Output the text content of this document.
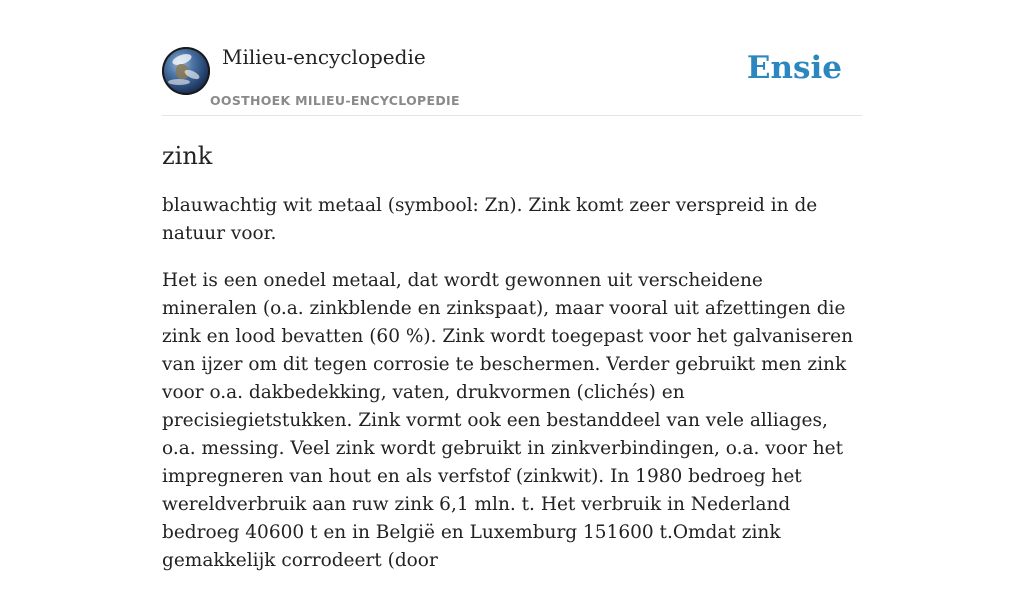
Milieu-encyclopedie
OOSTHOEK MILIEU-ENCYCLOPEDIE
Ensie
zink

blauwachtig wit metaal (symbool: Zn). Zink komt zeer verspreid in de natuur voor.

Het is een onedel metaal, dat wordt gewonnen uit verscheidene mineralen (o.a. zinkblende en zinkspaat), maar vooral uit afzettingen die zink en lood bevatten (60 %). Zink wordt toegepast voor het galvaniseren van ijzer om dit tegen corrosie te beschermen. Verder gebruikt men zink voor o.a. dakbedekking, vaten, drukvormen (clichés) en precisiegietstukken. Zink vormt ook een bestanddeel van vele alliages, o.a. messing. Veel zink wordt gebruikt in zinkverbindingen, o.a. voor het impregneren van hout en als verfstof (zinkwit). In 1980 bedroeg het wereldverbruik aan ruw zink 6,1 mln. t. Het verbruik in Nederland bedroeg 40600 t en in België en Luxemburg 151600 t.Omdat zink gemakkelijk corrodeert (door
